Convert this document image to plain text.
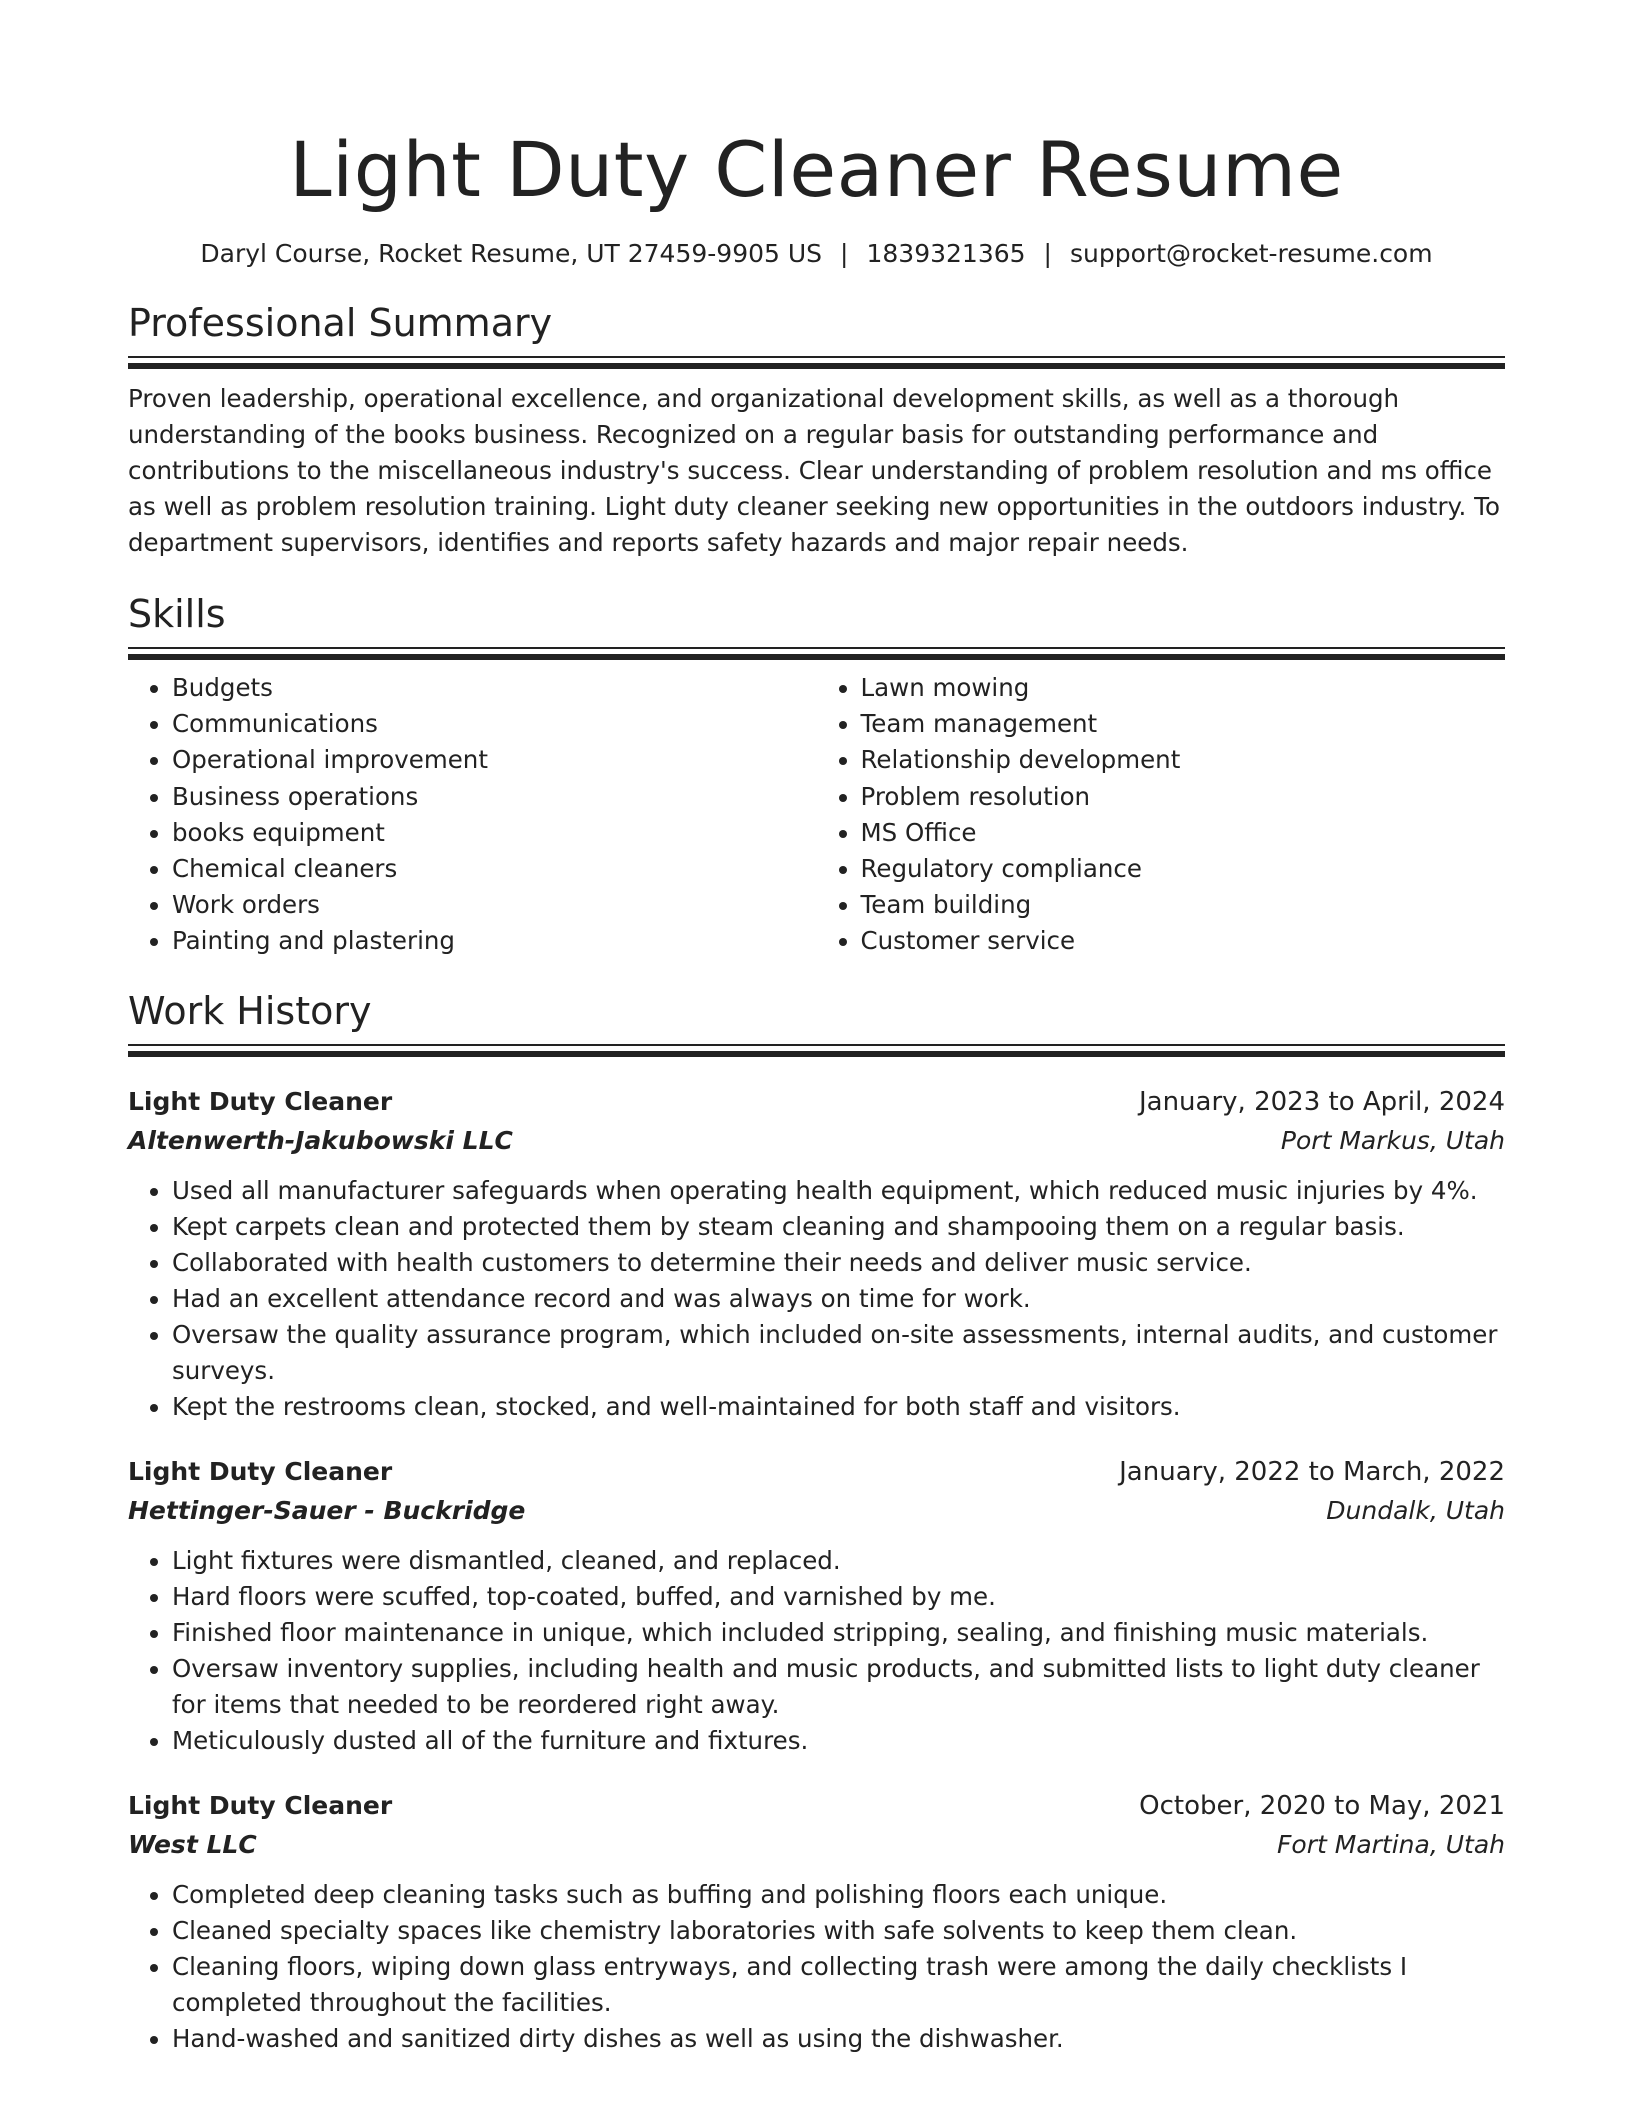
Light Duty Cleaner Resume
Daryl Course, Rocket Resume, UT 27459-9905 US | 1839321365 | support@rocket-resume.com
Professional Summary

Proven leadership, operational excellence, and organizational development skills, as well as a thorough understanding of the books business. Recognized on a regular basis for outstanding performance and contributions to the miscellaneous industry's success. Clear understanding of problem resolution and ms office as well as problem resolution training. Light duty cleaner seeking new opportunities in the outdoors industry. To department supervisors, identifies and reports safety hazards and major repair needs.

Skills
• Budgets
• Communications
• Operational improvement
• Business operations
• books equipment
• Chemical cleaners
• Work orders
• Painting and plastering
• Lawn mowing
• Team management
• Relationship development
• Problem resolution
• MS Office
• Regulatory compliance
• Team building
• Customer service
Work History
Light Duty Cleaner	January, 2023 to April, 2024
Altenwerth-Jakubowski LLC	Port Markus, Utah
• Used all manufacturer safeguards when operating health equipment, which reduced music injuries by 4%.
• Kept carpets clean and protected them by steam cleaning and shampooing them on a regular basis.
• Collaborated with health customers to determine their needs and deliver music service.
• Had an excellent attendance record and was always on time for work.
• Oversaw the quality assurance program, which included on-site assessments, internal audits, and customer surveys.
• Kept the restrooms clean, stocked, and well-maintained for both staff and visitors.
Light Duty Cleaner	January, 2022 to March, 2022
Hettinger-Sauer - Buckridge	Dundalk, Utah
• Light fixtures were dismantled, cleaned, and replaced.
• Hard floors were scuffed, top-coated, buffed, and varnished by me.
• Finished floor maintenance in unique, which included stripping, sealing, and finishing music materials.
• Oversaw inventory supplies, including health and music products, and submitted lists to light duty cleaner for items that needed to be reordered right away.
• Meticulously dusted all of the furniture and fixtures.
Light Duty Cleaner	October, 2020 to May, 2021
West LLC	Fort Martina, Utah
• Completed deep cleaning tasks such as buffing and polishing floors each unique.
• Cleaned specialty spaces like chemistry laboratories with safe solvents to keep them clean.
• Cleaning floors, wiping down glass entryways, and collecting trash were among the daily checklists I completed throughout the facilities.
• Hand-washed and sanitized dirty dishes as well as using the dishwasher.
